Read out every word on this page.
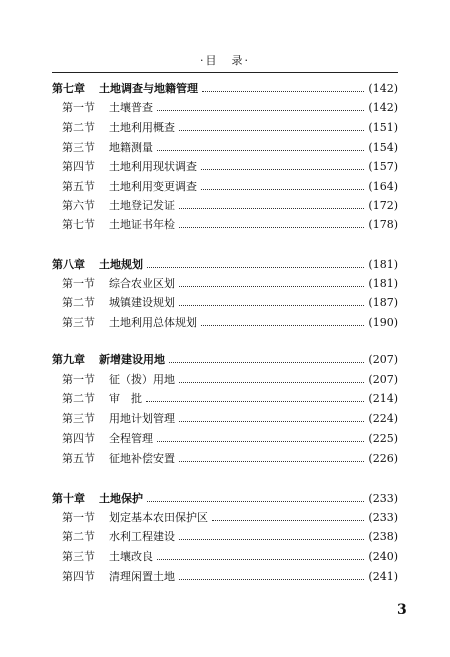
·目　录·
第七章 土地调查与地籍管理	(142)
第一节 土壤普查	(142)
第二节 土地利用概查	(151)
第三节 地籍测量	(154)
第四节 土地利用现状调查	(157)
第五节 土地利用变更调查	(164)
第六节 土地登记发证	(172)
第七节 土地证书年检	(178)
第八章 土地规划	(181)
第一节 综合农业区划	(181)
第二节 城镇建设规划	(187)
第三节 土地利用总体规划	(190)
第九章 新增建设用地	(207)
第一节 征（拨）用地	(207)
第二节 审　批	(214)
第三节 用地计划管理	(224)
第四节 全程管理	(225)
第五节 征地补偿安置	(226)
第十章 土地保护	(233)
第一节 划定基本农田保护区	(233)
第二节 水利工程建设	(238)
第三节 土壤改良	(240)
第四节 清理闲置土地	(241)
3
